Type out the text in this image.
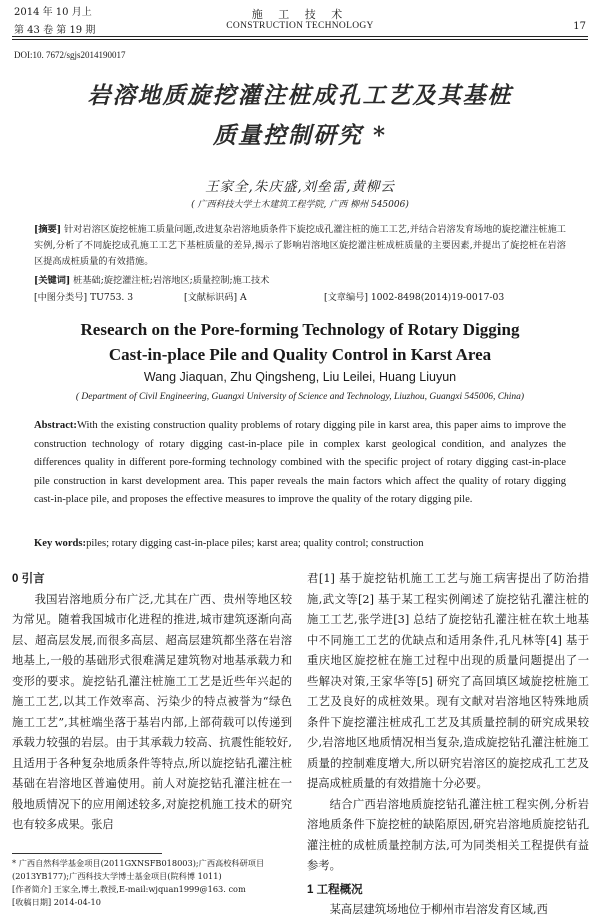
2014 年 10 月上
第 43 卷 第 19 期
施 工 技 术
CONSTRUCTION TECHNOLOGY	17
DOI:10. 7672/sgjs2014190017
岩溶地质旋挖灌注桩成孔工艺及其基桩
质量控制研究 *
王家全,朱庆盛,刘垒雷,黄柳云
( 广西科技大学土木建筑工程学院, 广西 柳州 545006)
[摘要] 针对岩溶区旋挖桩施工质量问题,改进复杂岩溶地质条件下旋挖成孔灌注桩的施工工艺,并结合岩溶发育场地的旋挖灌注桩施工实例,分析了不同旋挖成孔施工工艺下基桩质量的差异,揭示了影响岩溶地区旋挖灌注桩成桩质量的主要因素,并提出了旋挖桩在岩溶区提高成桩质量的有效措施。
[关键词] 桩基础;旋挖灌注桩;岩溶地区;质量控制;施工技术
[中图分类号] TU753. 3	[文献标识码] A	[文章编号] 1002-8498(2014)19-0017-03
Research on the Pore-forming Technology of Rotary Digging
Cast-in-place Pile and Quality Control in Karst Area
Wang Jiaquan, Zhu Qingsheng, Liu Leilei, Huang Liuyun
( Department of Civil Engineering, Guangxi University of Science and Technology, Liuzhou, Guangxi 545006, China)
Abstract:With the existing construction quality problems of rotary digging pile in karst area, this paper aims to improve the construction technology of rotary digging cast-in-place pile in complex karst geological condition, and analyzes the differences quality in different pore-forming technology combined with the specific project of rotary digging cast-in-place pile construction in karst development area. This paper reveals the main factors which affect the quality of rotary digging cast-in-place pile, and proposes the effective measures to improve the quality of the rotary digging pile.
Key words:piles; rotary digging cast-in-place piles; karst area; quality control; construction
0 引言
我国岩溶地质分布广泛,尤其在广西、贵州等地区较为常见。随着我国城市化进程的推进,城市建筑逐渐向高层、超高层发展,而很多高层、超高层建筑都坐落在岩溶地基上,一般的基础形式很难满足建筑物对地基承载力和变形的要求。旋挖钻孔灌注桩施工工艺是近些年兴起的施工工艺,以其工作效率高、污染少的特点被誉为“绿色施工工艺”,其桩端坐落于基岩内部,上部荷载可以传递到承载力较强的岩层。由于其承载力较高、抗震性能较好,且适用于各种复杂地质条件等特点,所以旋挖钻孔灌注桩基础在岩溶地区普遍使用。前人对旋挖钻孔灌注桩在一般地质情况下的应用阐述较多,对旋挖机施工技术的研究也有较多成果。张启
君[1] 基于旋挖钻机施工工艺与施工病害提出了防治措施,武文等[2] 基于某工程实例阐述了旋挖钻孔灌注桩的施工工艺,张学进[3] 总结了旋挖钻孔灌注桩在软土地基中不同施工工艺的优缺点和适用条件,孔凡林等[4] 基于重庆地区旋挖桩在施工过程中出现的质量问题提出了一些解决对策,王家华等[5] 研究了高回填区域旋挖桩施工工艺及良好的成桩效果。现有文献对岩溶地区特殊地质条件下旋挖灌注桩成孔工艺及其质量控制的研究成果较少,岩溶地区地质情况相当复杂,造成旋挖钻孔灌注桩施工质量的控制难度增大,所以研究岩溶区的旋挖成孔工艺及提高成桩质量的有效措施十分必要。
结合广西岩溶地质旋挖钻孔灌注桩工程实例,分析岩溶地质条件下旋挖桩的缺陷原因,研究岩溶地质旋挖钻孔灌注桩的成桩质量控制方法,可为同类相关工程提供有益参考。
1 工程概况
某高层建筑场地位于柳州市岩溶发育区域,西
* 广西自然科学基金项目(2011GXNSFB018003);广西高校科研项目(2013YB177);广西科技大学博士基金项目(院科博 1011)
[作者简介] 王家全,博士,教授,E-mail:wjquan1999@163. com
[收稿日期] 2014-04-10
